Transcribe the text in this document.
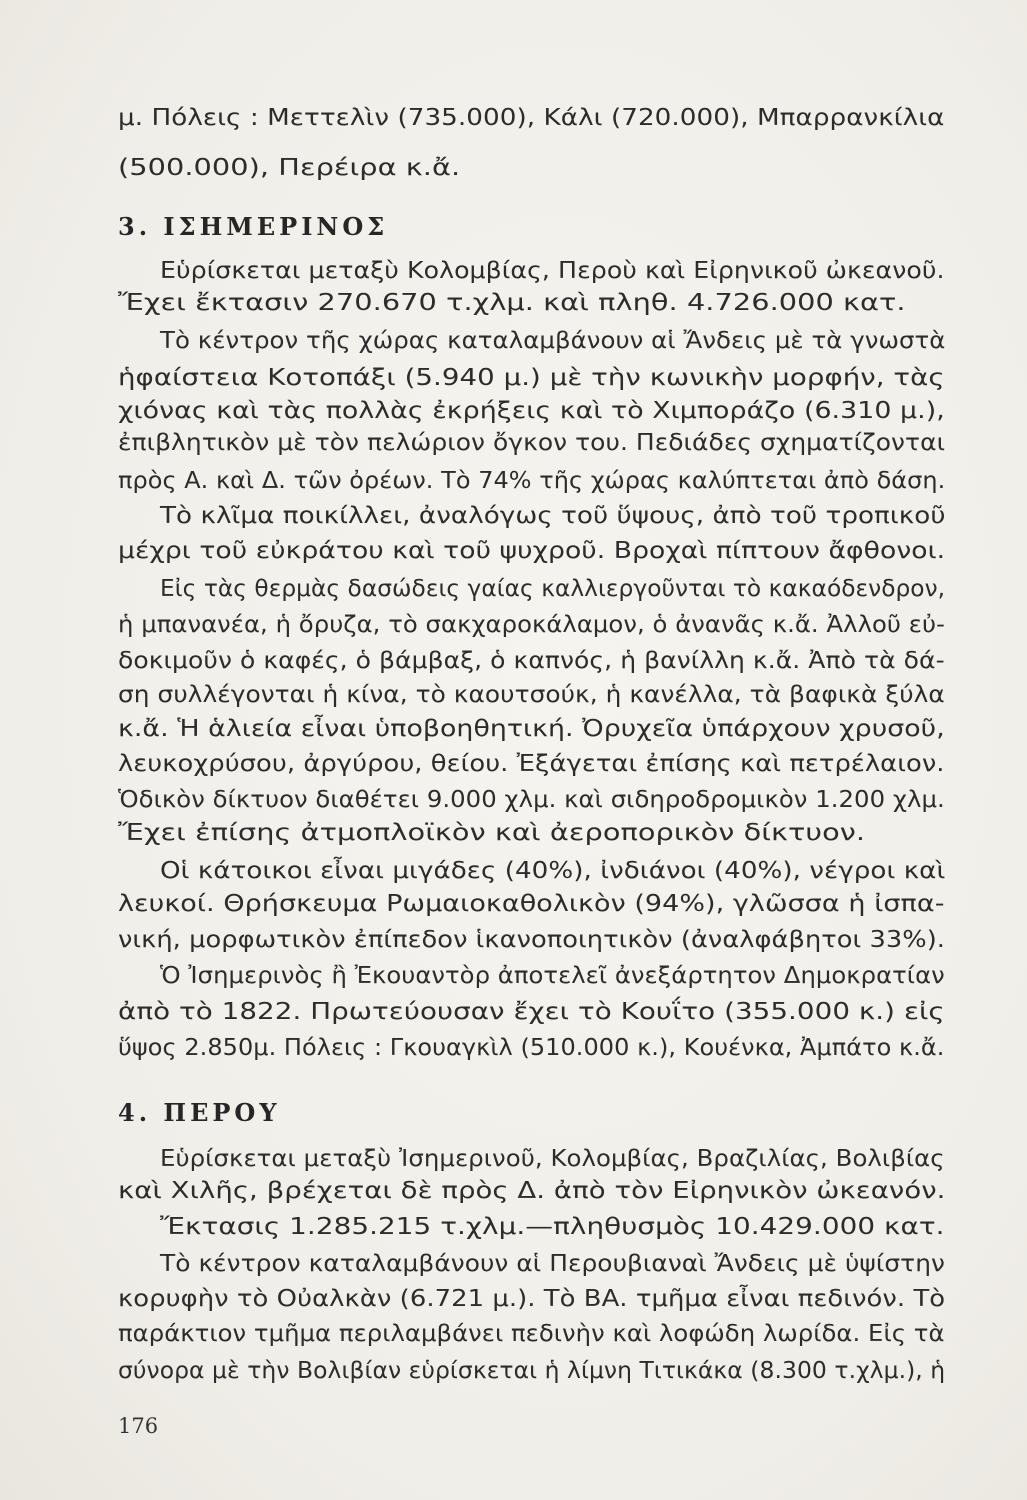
3. ΙΣΗΜΕΡΙΝΟΣ
4. ΠΕΡΟΥ
μ. Πόλεις : Μεττελὶν (735.000), Κάλι (720.000), Μπαρρανκίλια
(500.000), Περέιρα κ.ἄ.
Εὑρίσκεται μεταξὺ Κολομβίας, Περοὺ καὶ Εἰρηνικοῦ ὠκεανοῦ.
Ἔχει ἔκτασιν 270.670 τ.χλμ. καὶ πληθ. 4.726.000 κατ.
Τὸ κέντρον τῆς χώρας καταλαμβάνουν αἱ Ἄνδεις μὲ τὰ γνωστὰ
ἡφαίστεια Κοτοπάξι (5.940 μ.) μὲ τὴν κωνικὴν μορφήν, τὰς
χιόνας καὶ τὰς πολλὰς ἐκρήξεις καὶ τὸ Χιμποράζο (6.310 μ.),
ἐπιβλητικὸν μὲ τὸν πελώριον ὄγκον του. Πεδιάδες σχηματίζονται
πρὸς Α. καὶ Δ. τῶν ὀρέων. Τὸ 74% τῆς χώρας καλύπτεται ἀπὸ δάση.
Τὸ κλῖμα ποικίλλει, ἀναλόγως τοῦ ὕψους, ἀπὸ τοῦ τροπικοῦ
μέχρι τοῦ εὐκράτου καὶ τοῦ ψυχροῦ. Βροχαὶ πίπτουν ἄφθονοι.
Εἰς τὰς θερμὰς δασώδεις γαίας καλλιεργοῦνται τὸ κακαόδενδρον,
ἡ μπανανέα, ἡ ὄρυζα, τὸ σακχαροκάλαμον, ὁ ἀνανᾶς κ.ἄ. Ἀλλοῦ εὐ-
δοκιμοῦν ὁ καφές, ὁ βάμβαξ, ὁ καπνός, ἡ βανίλλη κ.ἄ. Ἀπὸ τὰ δά-
ση συλλέγονται ἡ κίνα, τὸ καουτσούκ, ἡ κανέλλα, τὰ βαφικὰ ξύλα
κ.ἄ. Ἡ ἁλιεία εἶναι ὑποβοηθητική. Ὀρυχεῖα ὑπάρχουν χρυσοῦ,
λευκοχρύσου, ἀργύρου, θείου. Ἐξάγεται ἐπίσης καὶ πετρέλαιον.
Ὁδικὸν δίκτυον διαθέτει 9.000 χλμ. καὶ σιδηροδρομικὸν 1.200 χλμ.
Ἔχει ἐπίσης ἀτμοπλοϊκὸν καὶ ἀεροπορικὸν δίκτυον.
Οἱ κάτοικοι εἶναι μιγάδες (40%), ἰνδιάνοι (40%), νέγροι καὶ
λευκοί. Θρήσκευμα Ρωμαιοκαθολικὸν (94%), γλῶσσα ἡ ἰσπα-
νική, μορφωτικὸν ἐπίπεδον ἱκανοποιητικὸν (ἀναλφάβητοι 33%).
Ὁ Ἰσημερινὸς ἢ Ἐκουαντὸρ ἀποτελεῖ ἀνεξάρτητον Δημοκρατίαν
ἀπὸ τὸ 1822. Πρωτεύουσαν ἔχει τὸ Κουΐτο (355.000 κ.) εἰς
ὕψος 2.850μ. Πόλεις : Γκουαγκὶλ (510.000 κ.), Κουένκα, Ἀμπάτο κ.ἄ.
Εὑρίσκεται μεταξὺ Ἰσημερινοῦ, Κολομβίας, Βραζιλίας, Βολιβίας
καὶ Χιλῆς, βρέχεται δὲ πρὸς Δ. ἀπὸ τὸν Εἰρηνικὸν ὠκεανόν.
Ἔκτασις 1.285.215 τ.χλμ.—πληθυσμὸς 10.429.000 κατ.
Τὸ κέντρον καταλαμβάνουν αἱ Περουβιαναὶ Ἄνδεις μὲ ὑψίστην
κορυφὴν τὸ Οὐαλκὰν (6.721 μ.). Τὸ ΒΑ. τμῆμα εἶναι πεδινόν. Τὸ
παράκτιον τμῆμα περιλαμβάνει πεδινὴν καὶ λοφώδη λωρίδα. Εἰς τὰ
σύνορα μὲ τὴν Βολιβίαν εὑρίσκεται ἡ λίμνη Τιτικάκα (8.300 τ.χλμ.), ἡ
176
